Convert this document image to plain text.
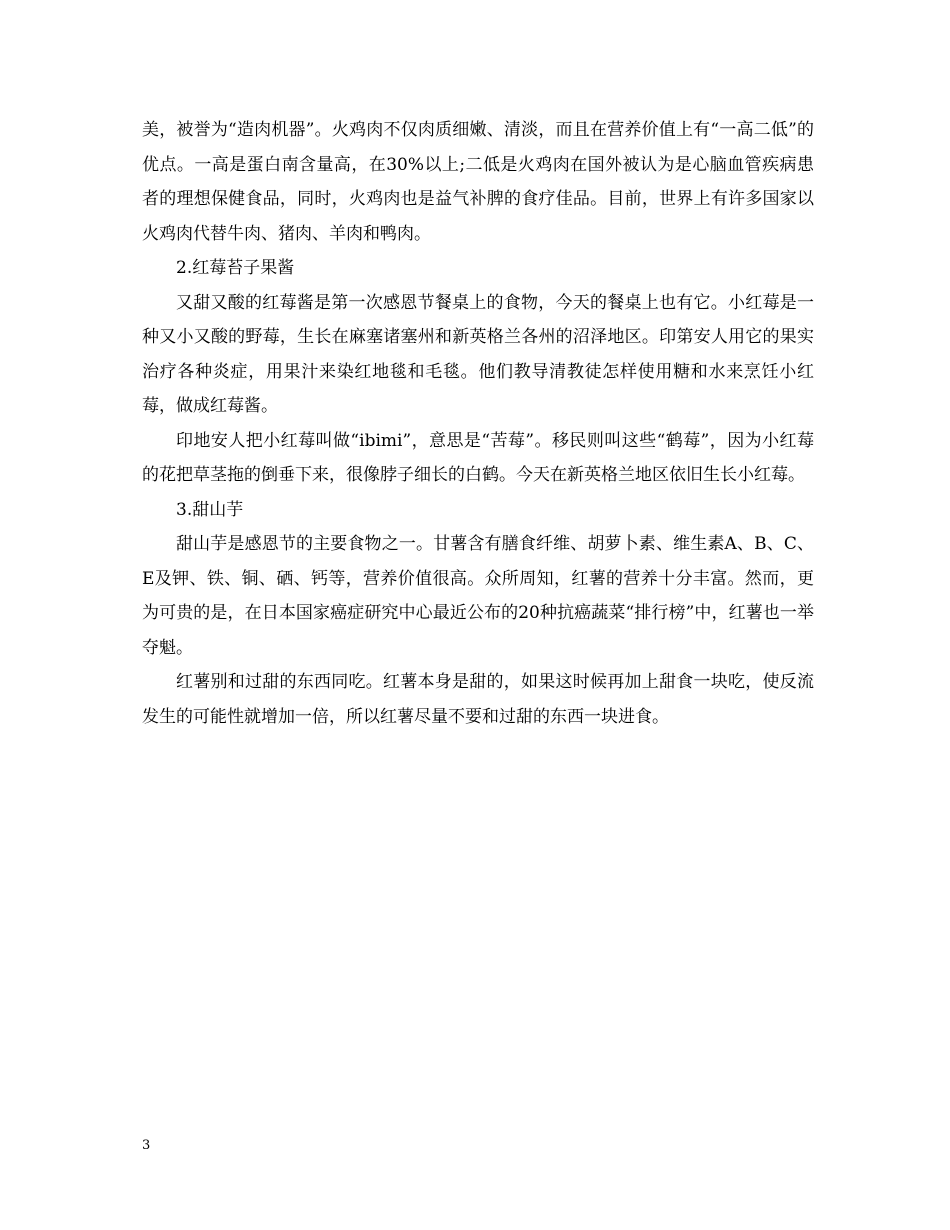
美，被誉为“造肉机器”。火鸡肉不仅肉质细嫩、清淡，而且在营养价值上有“一高二低”的优点。一高是蛋白南含量高，在30%以上;二低是火鸡肉在国外被认为是心脑血管疾病患者的理想保健食品，同时，火鸡肉也是益气补脾的食疗佳品。目前，世界上有许多国家以火鸡肉代替牛肉、猪肉、羊肉和鸭肉。

2.红莓苔子果酱

又甜又酸的红莓酱是第一次感恩节餐桌上的食物，今天的餐桌上也有它。小红莓是一种又小又酸的野莓，生长在麻塞诸塞州和新英格兰各州的沼泽地区。印第安人用它的果实治疗各种炎症，用果汁来染红地毯和毛毯。他们教导清教徒怎样使用糖和水来烹饪小红莓，做成红莓酱。

印地安人把小红莓叫做“ibimi”，意思是“苦莓”。移民则叫这些“鹤莓”，因为小红莓的花把草茎拖的倒垂下来，很像脖子细长的白鹤。今天在新英格兰地区依旧生长小红莓。

3.甜山芋

甜山芋是感恩节的主要食物之一。甘薯含有膳食纤维、胡萝卜素、维生素A、B、C、E及钾、铁、铜、硒、钙等，营养价值很高。众所周知，红薯的营养十分丰富。然而，更为可贵的是，在日本国家癌症研究中心最近公布的20种抗癌蔬菜“排行榜”中，红薯也一举夺魁。

红薯别和过甜的东西同吃。红薯本身是甜的，如果这时候再加上甜食一块吃，使反流发生的可能性就增加一倍，所以红薯尽量不要和过甜的东西一块进食。

3
